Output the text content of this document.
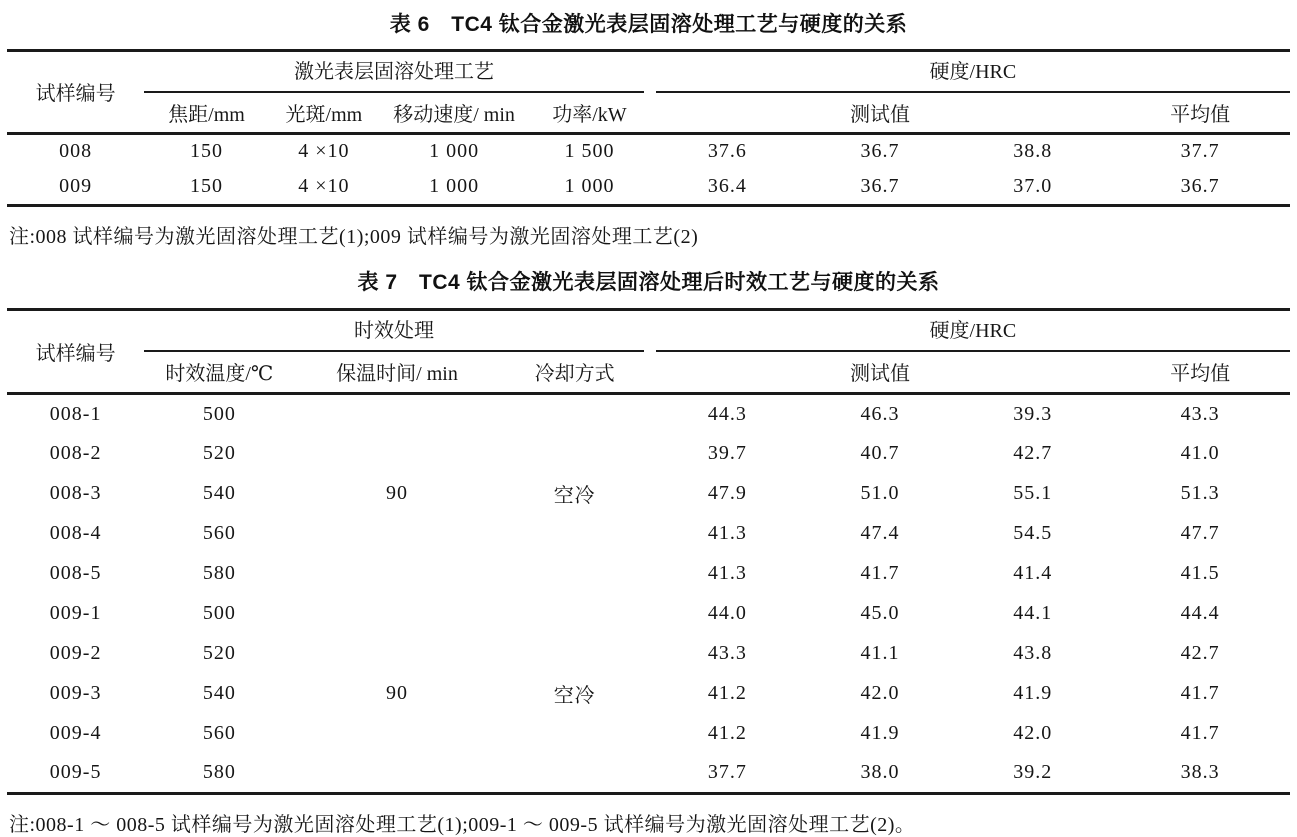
表 6　TC4 钛合金激光表层固溶处理工艺与硬度的关系
试样编号	激光表层固溶处理工艺				硬度/HRC			

	焦距/mm	光斑/mm	移动速度/ min	功率/kW	测试值			平均值
008	150	4 ×10	1 000	1 500	37.6	36.7	38.8	37.7
009	150	4 ×10	1 000	1 000	36.4	36.7	37.0	36.7

注:008 试样编号为激光固溶处理工艺(1);009 试样编号为激光固溶处理工艺(2)

表 7　TC4 钛合金激光表层固溶处理后时效工艺与硬度的关系
试样编号	时效处理			硬度/HRC			

	时效温度/℃	保温时间/ min	冷却方式	测试值			平均值
008-1	500			44.3	46.3	39.3	43.3
008-2	520			39.7	40.7	42.7	41.0
008-3	540	90	空冷	47.9	51.0	55.1	51.3
008-4	560			41.3	47.4	54.5	47.7
008-5	580			41.3	41.7	41.4	41.5
009-1	500			44.0	45.0	44.1	44.4
009-2	520			43.3	41.1	43.8	42.7
009-3	540	90	空冷	41.2	42.0	41.9	41.7
009-4	560			41.2	41.9	42.0	41.7
009-5	580			37.7	38.0	39.2	38.3

注:008-1 ～ 008-5 试样编号为激光固溶处理工艺(1);009-1 ～ 009-5 试样编号为激光固溶处理工艺(2)。
